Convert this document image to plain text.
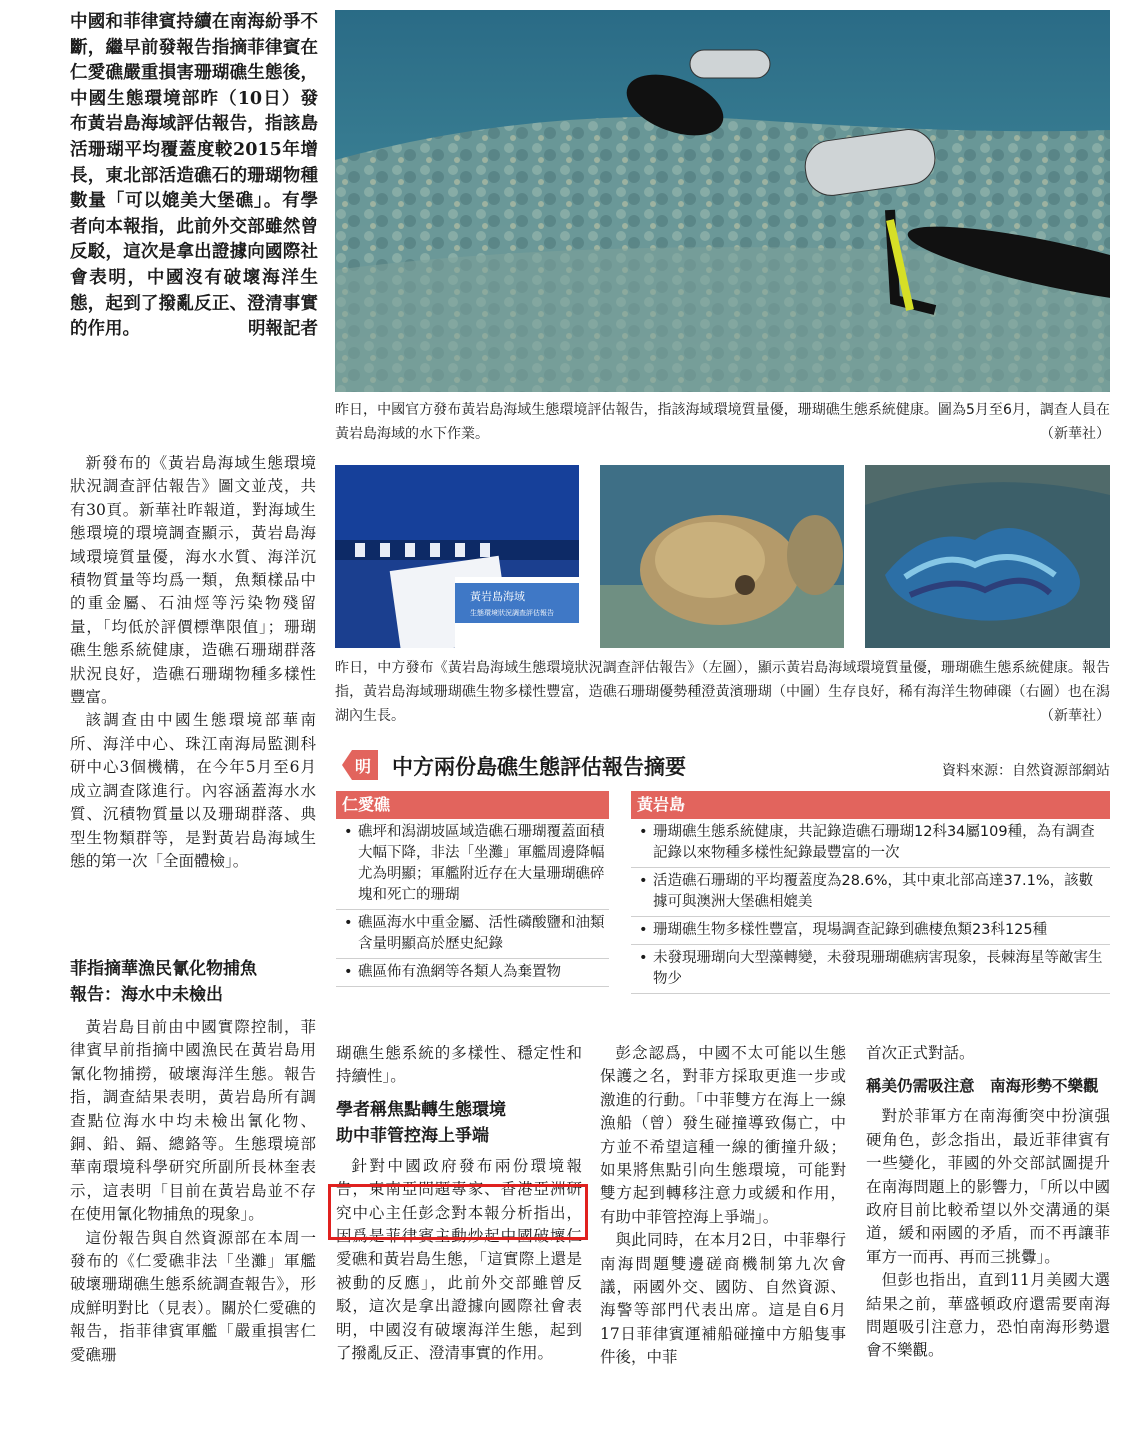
中國和菲律賓持續在南海紛爭不斷，繼早前發報告指摘菲律賓在仁愛礁嚴重損害珊瑚礁生態後，中國生態環境部昨（10日）發布黃岩島海域評估報告，指該島活珊瑚平均覆蓋度較2015年增長，東北部活造礁石的珊瑚物種數量「可以媲美大堡礁」。有學者向本報指，此前外交部雖然曾反駁，這次是拿出證據向國際社會表明，中國沒有破壞海洋生態，起到了撥亂反正、澄清事實的作用。	明報記者

新發布的《黃岩島海域生態環境狀況調查評估報告》圖文並茂，共有30頁。新華社昨報道，對海域生態環境的環境調查顯示，黃岩島海域環境質量優，海水水質、海洋沉積物質量等均爲一類，魚類樣品中的重金屬、石油烴等污染物殘留量，「均低於評價標準限值」；珊瑚礁生態系統健康，造礁石珊瑚群落狀況良好，造礁石珊瑚物種多樣性豐富。

該調查由中國生態環境部華南所、海洋中心、珠江南海局監測科研中心3個機構，在今年5月至6月成立調查隊進行。內容涵蓋海水水質、沉積物質量以及珊瑚群落、典型生物類群等，是對黃岩島海域生態的第一次「全面體檢」。

菲指摘華漁民氰化物捕魚

報告：海水中未檢出

黃岩島目前由中國實際控制，菲律賓早前指摘中國漁民在黃岩島用氰化物捕撈，破壞海洋生態。報告指，調查結果表明，黃岩島所有調查點位海水中均未檢出氰化物、銅、鉛、鎘、總鉻等。生態環境部華南環境科學研究所副所長林奎表示，這表明「目前在黃岩島並不存在使用氰化物捕魚的現象」。

這份報告與自然資源部在本周一發布的《仁愛礁非法「坐灘」軍艦破壞珊瑚礁生態系統調查報告》，形成鮮明對比（見表）。關於仁愛礁的報告，指菲律賓軍艦「嚴重損害仁愛礁珊

昨日，中國官方發布黃岩島海域生態環境評估報告，指該海域環境質量優，珊瑚礁生態系統健康。圖為5月至6月，調查人員在黃岩島海域的水下作業。	（新華社）
黃岩島海域
生態環境狀況調查評估報告
昨日，中方發布《黃岩島海域生態環境狀況調查評估報告》（左圖），顯示黃岩島海域環境質量優，珊瑚礁生態系統健康。報告指，黃岩島海域珊瑚礁生物多樣性豐富，造礁石珊瑚優勢種澄黃濱珊瑚（中圖）生存良好，稀有海洋生物硨磲（右圖）也在潟湖內生長。	（新華社）
明 中方兩份島礁生態評估報告摘要	資料來源：自然資源部網站
仁愛礁
• 礁坪和潟湖坡區域造礁石珊瑚覆蓋面積大幅下降，非法「坐灘」軍艦周邊降幅尤為明顯；軍艦附近存在大量珊瑚礁碎塊和死亡的珊瑚
• 礁區海水中重金屬、活性磷酸鹽和油類含量明顯高於歷史紀錄
• 礁區佈有漁網等各類人為棄置物
黃岩島
• 珊瑚礁生態系統健康，共記錄造礁石珊瑚12科34屬109種，為有調查記錄以來物種多樣性紀錄最豐富的一次
• 活造礁石珊瑚的平均覆蓋度為28.6%，其中東北部高達37.1%，該數據可與澳洲大堡礁相媲美
• 珊瑚礁生物多樣性豐富，現場調查記錄到礁棲魚類23科125種
• 未發現珊瑚向大型藻轉變，未發現珊瑚礁病害現象，長棘海星等敵害生物少

瑚礁生態系統的多樣性、穩定性和持續性」。

學者稱焦點轉生態環境

助中菲管控海上爭端

針對中國政府發布兩份環境報告，東南亞問題專家、香港亞洲研究中心主任彭念對本報分析指出，因爲是菲律賓主動炒起中國破壞仁愛礁和黃岩島生態，「這實際上還是被動的反應」，此前外交部雖曾反駁，這次是拿出證據向國際社會表明，中國沒有破壞海洋生態，起到了撥亂反正、澄清事實的作用。

彭念認爲，中國不太可能以生態保護之名，對菲方採取更進一步或激進的行動。「中菲雙方在海上一線漁船（曾）發生碰撞導致傷亡，中方並不希望這種一線的衝撞升級；如果將焦點引向生態環境，可能對雙方起到轉移注意力或緩和作用，有助中菲管控海上爭端」。

與此同時，在本月2日，中菲舉行南海問題雙邊磋商機制第九次會議，兩國外交、國防、自然資源、海警等部門代表出席。這是自6月17日菲律賓運補船碰撞中方船隻事件後，中菲

首次正式對話。

稱美仍需吸注意　南海形勢不樂觀

對於菲軍方在南海衝突中扮演强硬角色，彭念指出，最近菲律賓有一些變化，菲國的外交部試圖提升在南海問題上的影響力，「所以中國政府目前比較希望以外交溝通的渠道，緩和兩國的矛盾，而不再讓菲軍方一而再、再而三挑釁」。

但彭也指出，直到11月美國大選結果之前，華盛頓政府還需要南海問題吸引注意力，恐怕南海形勢還會不樂觀。
